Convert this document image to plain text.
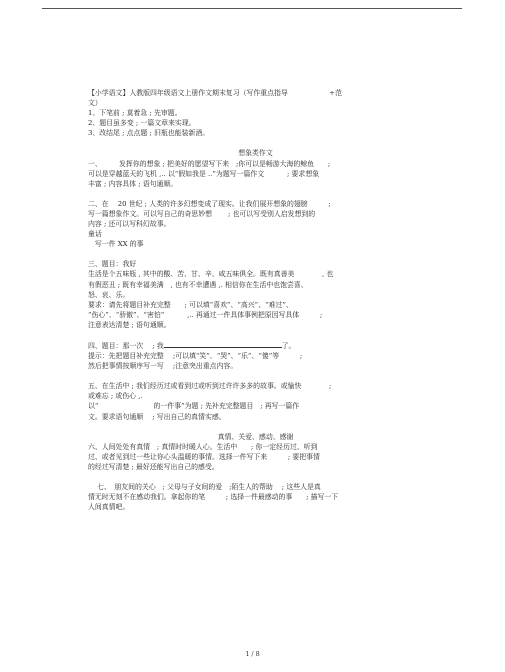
【小学语文】人教版四年级语文上册作文期末复习（写作重点指导　　　　　　+范
文）
1、下笔前 ; 莫着急 ; 先审题。
2、题目虽多变 ; 一篇文章来实现。
3、改结尾 ; 点点题 ; 旧瓶也能装新酒。
想象类作文
一、　　　发挥你的想象 ; 把美好的愿望写下来　;你可以是畅游大海的鲸鱼　　;
可以是穿越蓝天的飞机 ,.. 以“假如我是 ..”为题写一篇作文　　　 ; 要求想象
丰富 ; 内容具体 ; 语句通顺。
二、在　 20 世纪 ; 人类的许多幻想变成了现实。让我们展开想象的翅膀　　　;
写一篇想象作文。可以写自己的奇思妙想　　 ; 也可以写受别人启发想到的
内容 ; 还可以写科幻故事。
童话
　写一件 XX 的事
三、题目：我好
生活是个五味瓶 , 其中的酸、苦、甘、辛、咸五味俱全。既有真善美　　　　, 也
有假恶丑 ; 既有幸福美满　, 也有不幸遭遇 ,. 相信你在生活中也饱尝喜、
怒、哀、乐。
要求：请先将题目补充完整　　; 可以填“喜欢”、“高兴”、“难过”、
“伤心”、“骄傲”、“害怕”　　　 ,.. 再通过一件具体事例把原因写具体　　　;
注意表达清楚 ; 语句通顺。
四、题目：那一次　 ; 我	了。
提示：先把题目补充完整　 ;可以填“笑”、“哭”、“乐”、“傻”等　　　;
然后把事情按顺序写一写　 ;注意突出重点内容。
五、在生活中 ; 我们经历过或看到过或听到过许许多多的故事。或愉快　　　　;
或难忘 ; 或伤心 ,.
以“　　　　　　　　的一件事”为题 ; 先补充完整题目　; 再写一篇作
文。要求语句通顺　 ; 写出自己的真情实感。
真情、关爱、感动、感谢
六、人间处处有真情　; 真情时时暖人心。生活中　　; 你一定经历过、听到
过、或者见到过一些让你心头温暖的事情。选择一件写下来　　　; 要把事情
的经过写清楚 ; 最好还能写出自己的感受。
　 七、　朋友间的关心　; 父母与子女间的爱　;陌生人的帮助　 ; 这些人是真
情无时无刻不在感动我们。拿起你的笔　　　; 选择一件最感动的事　　; 描写一下
人间真情吧。
1 / 8
